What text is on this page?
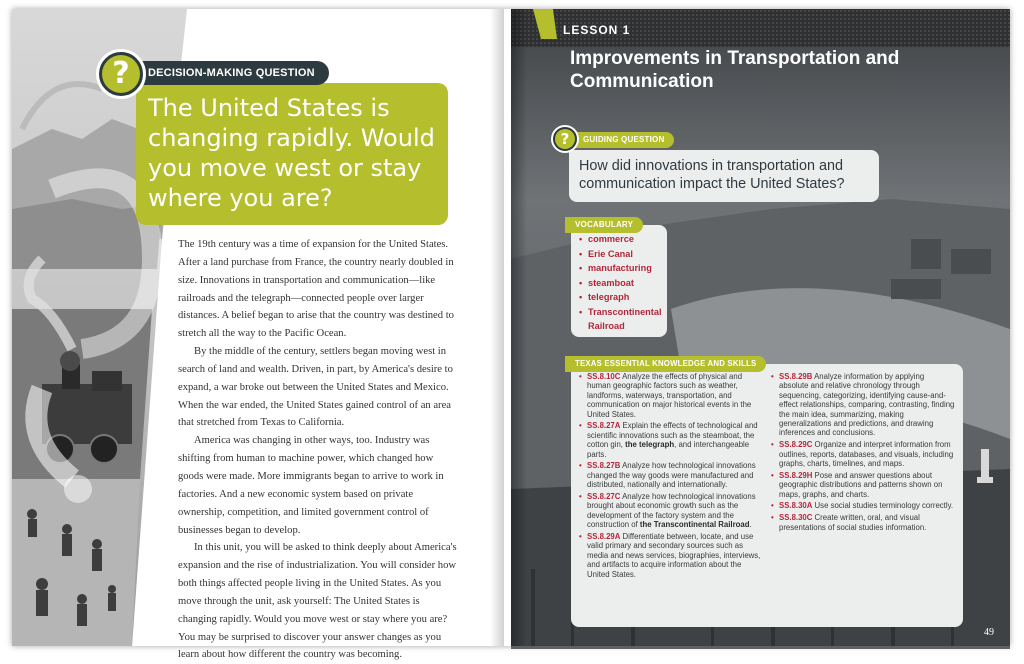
DECISION-MAKING QUESTION
?
The United States is changing rapidly. Would you move west or stay where you are?

The 19th century was a time of expansion for the United States. After a land purchase from France, the country nearly doubled in size. Innovations in transportation and communication—like railroads and the telegraph—connected people over larger distances. A belief began to arise that the country was destined to stretch all the way to the Pacific Ocean.

By the middle of the century, settlers began moving west in search of land and wealth. Driven, in part, by America's desire to expand, a war broke out between the United States and Mexico. When the war ended, the United States gained control of an area that stretched from Texas to California.

America was changing in other ways, too. Industry was shifting from human to machine power, which changed how goods were made. More immigrants began to arrive to work in factories. And a new economic system based on private ownership, competition, and limited government control of businesses began to develop.

In this unit, you will be asked to think deeply about America's expansion and the rise of industrialization. You will consider how both things affected people living in the United States. As you move through the unit, ask yourself: The United States is changing rapidly. Would you move west or stay where you are? You may be surprised to discover your answer changes as you learn about how different the country was becoming.

LESSON 1
Improvements in Transportation and Communication
GUIDING QUESTION
?
How did innovations in transportation and communication impact the United States?
VOCABULARY
• commerce
• Erie Canal
• manufacturing
• steamboat
• telegraph
• Transcontinental Railroad
TEXAS ESSENTIAL KNOWLEDGE AND SKILLS
• SS.8.10C Analyze the effects of physical and human geographic factors such as weather, landforms, waterways, transportation, and communication on major historical events in the United States.
• SS.8.27A Explain the effects of technological and scientific innovations such as the steamboat, the cotton gin, the telegraph, and interchangeable parts.
• SS.8.27B Analyze how technological innovations changed the way goods were manufactured and distributed, nationally and internationally.
• SS.8.27C Analyze how technological innovations brought about economic growth such as the development of the factory system and the construction of the Transcontinental Railroad.
• SS.8.29A Differentiate between, locate, and use valid primary and secondary sources such as media and news services, biographies, interviews, and artifacts to acquire information about the United States.
• SS.8.29B Analyze information by applying absolute and relative chronology through sequencing, categorizing, identifying cause-and-effect relationships, comparing, contrasting, finding the main idea, summarizing, making generalizations and predictions, and drawing inferences and conclusions.
• SS.8.29C Organize and interpret information from outlines, reports, databases, and visuals, including graphs, charts, timelines, and maps.
• SS.8.29H Pose and answer questions about geographic distributions and patterns shown on maps, graphs, and charts.
• SS.8.30A Use social studies terminology correctly.
• SS.8.30C Create written, oral, and visual presentations of social studies information.
49
